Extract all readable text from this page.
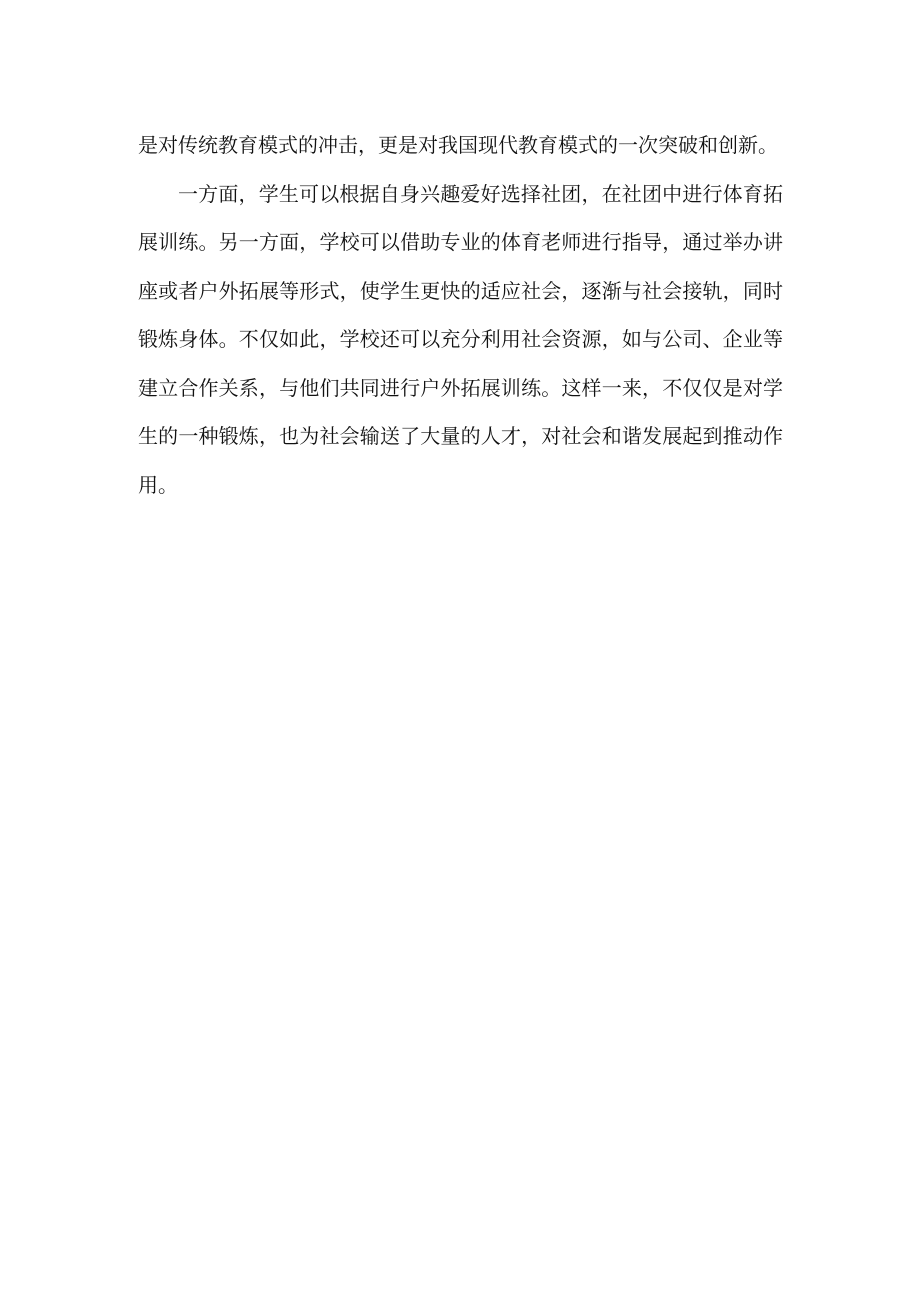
是对传统教育模式的冲击，更是对我国现代教育模式的一次突破和创新。

一方面，学生可以根据自身兴趣爱好选择社团，在社团中进行体育拓展训练。另一方面，学校可以借助专业的体育老师进行指导，通过举办讲座或者户外拓展等形式，使学生更快的适应社会，逐渐与社会接轨，同时锻炼身体。不仅如此，学校还可以充分利用社会资源，如与公司、企业等建立合作关系，与他们共同进行户外拓展训练。这样一来，不仅仅是对学生的一种锻炼，也为社会输送了大量的人才，对社会和谐发展起到推动作用。
